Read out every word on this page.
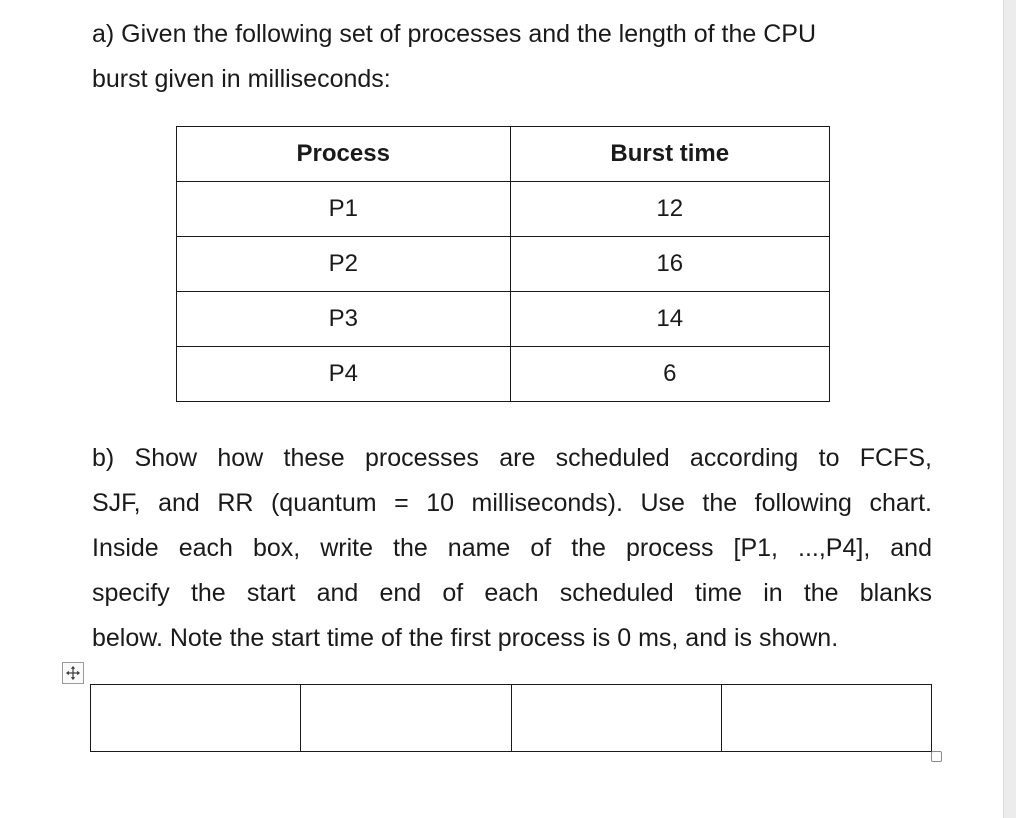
a) Given the following set of processes and the length of the CPU
burst given in milliseconds:

Process	Burst time
P1	12
P2	16
P3	14
P4	6

b) Show how these processes are scheduled according to FCFS,
SJF, and RR (quantum = 10 milliseconds). Use the following chart.
Inside each box, write the name of the process [P1, ...,P4], and
specify the start and end of each scheduled time in the blanks
below. Note the start time of the first process is 0 ms, and is shown.
